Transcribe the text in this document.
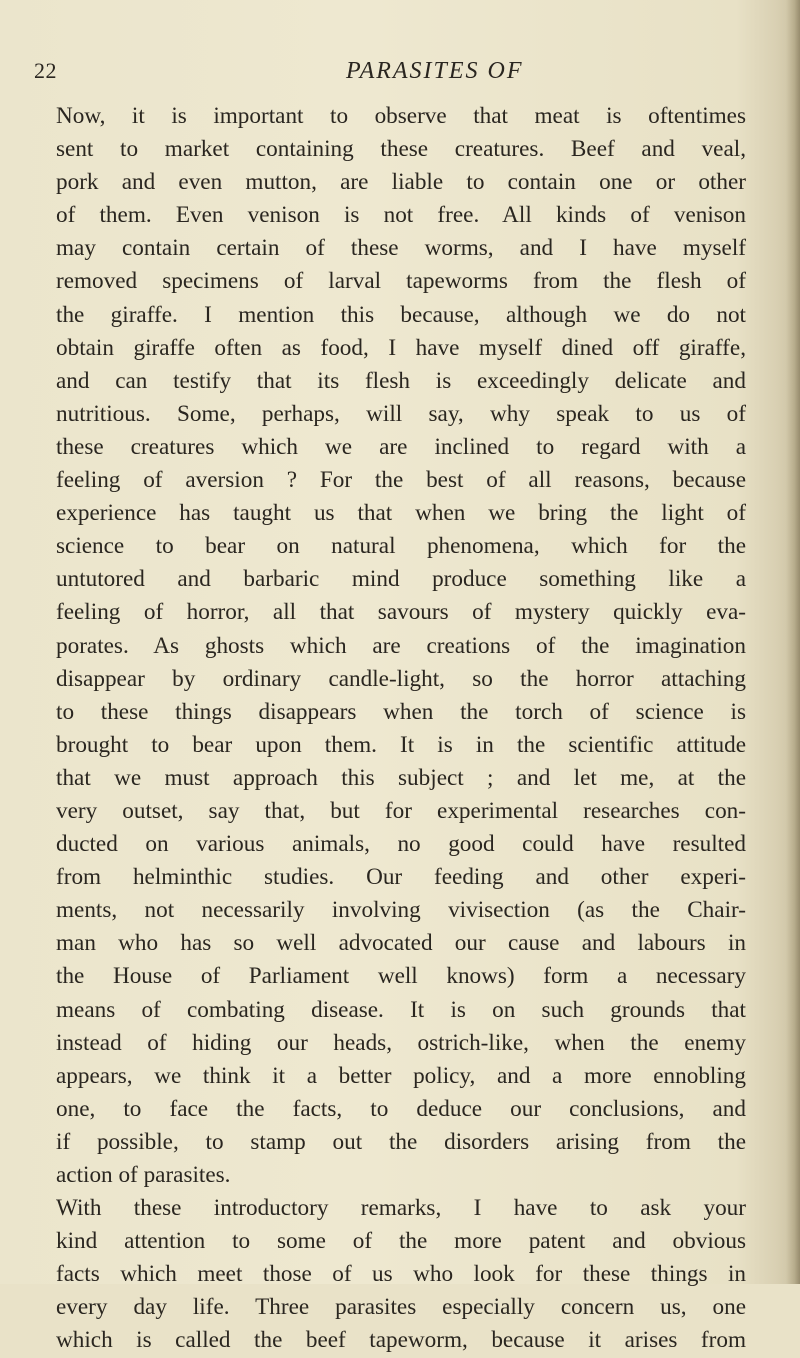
22	PARASITES OF
Now, it is important to observe that meat is oftentimes
sent to market containing these creatures. Beef and veal,
pork and even mutton, are liable to contain one or other
of them. Even venison is not free. All kinds of venison
may contain certain of these worms, and I have myself
removed specimens of larval tapeworms from the flesh of
the giraffe. I mention this because, although we do not
obtain giraffe often as food, I have myself dined off giraffe,
and can testify that its flesh is exceedingly delicate and
nutritious. Some, perhaps, will say, why speak to us of
these creatures which we are inclined to regard with a
feeling of aversion ? For the best of all reasons, because
experience has taught us that when we bring the light of
science to bear on natural phenomena, which for the
untutored and barbaric mind produce something like a
feeling of horror, all that savours of mystery quickly eva-
porates. As ghosts which are creations of the imagination
disappear by ordinary candle-light, so the horror attaching
to these things disappears when the torch of science is
brought to bear upon them. It is in the scientific attitude
that we must approach this subject ; and let me, at the
very outset, say that, but for experimental researches con-
ducted on various animals, no good could have resulted
from helminthic studies. Our feeding and other experi-
ments, not necessarily involving vivisection (as the Chair-
man who has so well advocated our cause and labours in
the House of Parliament well knows) form a necessary
means of combating disease. It is on such grounds that
instead of hiding our heads, ostrich-like, when the enemy
appears, we think it a better policy, and a more ennobling
one, to face the facts, to deduce our conclusions, and
if possible, to stamp out the disorders arising from the
action of parasites.
With these introductory remarks, I have to ask your
kind attention to some of the more patent and obvious
facts which meet those of us who look for these things in
every day life. Three parasites especially concern us, one
which is called the beef tapeworm, because it arises from
